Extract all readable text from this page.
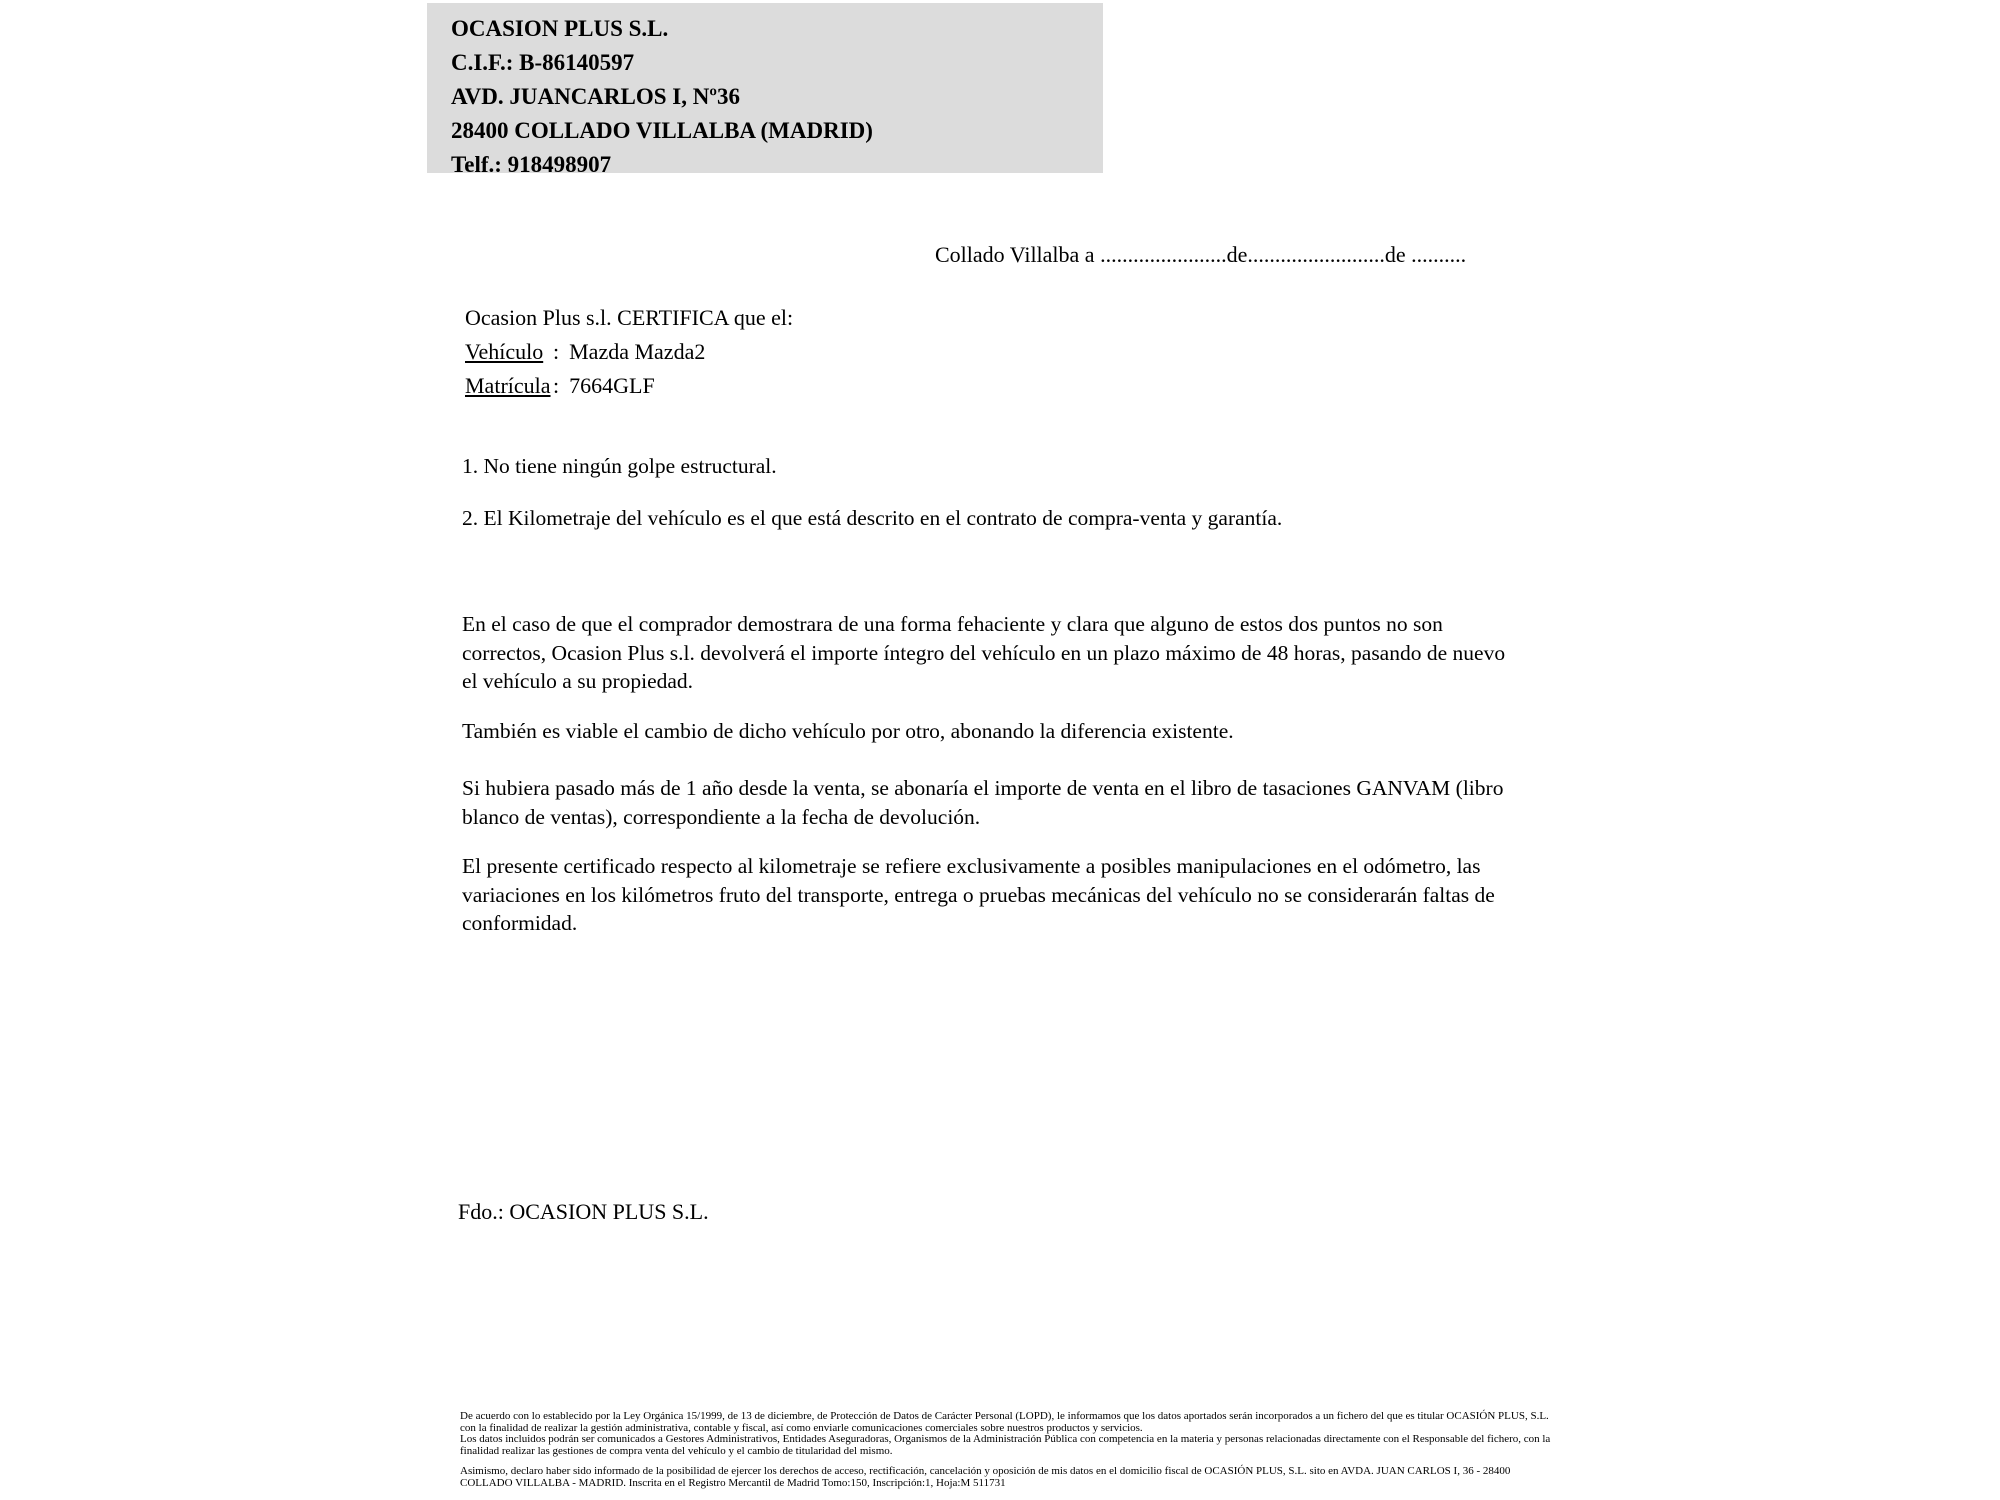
OCASION PLUS S.L.
C.I.F.: B-86140597
AVD. JUANCARLOS I, Nº36
28400 COLLADO VILLALBA (MADRID)
Telf.: 918498907
Collado Villalba a .......................de.........................de ..........
Ocasion Plus s.l. CERTIFICA que el:
Vehículo : Mazda Mazda2
Matrícula : 7664GLF

1. No tiene ningún golpe estructural.

2. El Kilometraje del vehículo es el que está descrito en el contrato de compra-venta y garantía.

En el caso de que el comprador demostrara de una forma fehaciente y clara que alguno de estos dos puntos no son correctos, Ocasion Plus s.l. devolverá el importe íntegro del vehículo en un plazo máximo de 48 horas, pasando de nuevo el vehículo a su propiedad.

También es viable el cambio de dicho vehículo por otro, abonando la diferencia existente.

Si hubiera pasado más de 1 año desde la venta, se abonaría el importe de venta en el libro de tasaciones GANVAM (libro blanco de ventas), correspondiente a la fecha de devolución.

El presente certificado respecto al kilometraje se refiere exclusivamente a posibles manipulaciones en el odómetro, las variaciones en los kilómetros fruto del transporte, entrega o pruebas mecánicas del vehículo no se considerarán faltas de conformidad.

Fdo.: OCASION PLUS S.L.

De acuerdo con lo establecido por la Ley Orgánica 15/1999, de 13 de diciembre, de Protección de Datos de Carácter Personal (LOPD), le informamos que los datos aportados serán incorporados a un fichero del que es titular OCASIÓN PLUS, S.L. con la finalidad de realizar la gestión administrativa, contable y fiscal, así como enviarle comunicaciones comerciales sobre nuestros productos y servicios.

Los datos incluidos podrán ser comunicados a Gestores Administrativos, Entidades Aseguradoras, Organismos de la Administración Pública con competencia en la materia y personas relacionadas directamente con el Responsable del fichero, con la finalidad realizar las gestiones de compra venta del vehículo y el cambio de titularidad del mismo.

Asimismo, declaro haber sido informado de la posibilidad de ejercer los derechos de acceso, rectificación, cancelación y oposición de mis datos en el domicilio fiscal de OCASIÓN PLUS, S.L. sito en AVDA. JUAN CARLOS I, 36 - 28400 COLLADO VILLALBA - MADRID. Inscrita en el Registro Mercantil de Madrid Tomo:150, Inscripción:1, Hoja:M 511731
